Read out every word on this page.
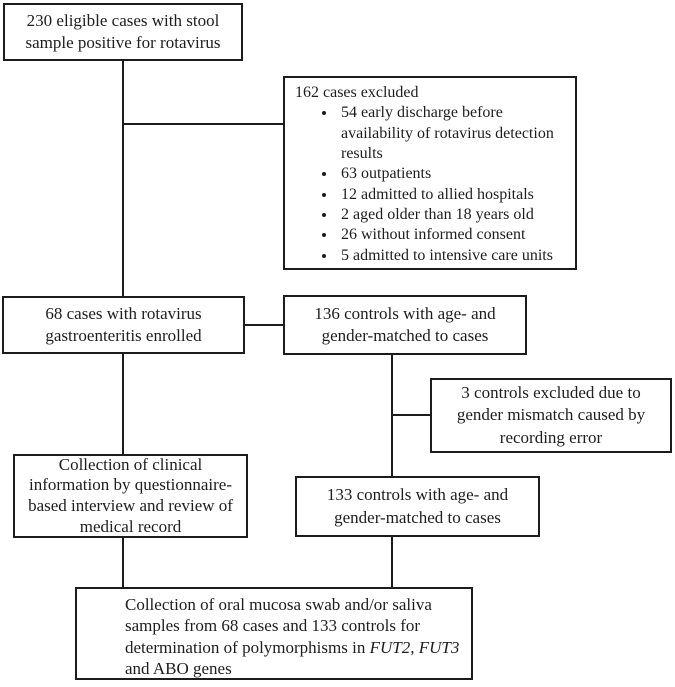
230 eligible cases with stool sample positive for rotavirus
162 cases excluded
• 54 early discharge before availability of rotavirus detection results
• 63 outpatients
• 12 admitted to allied hospitals
• 2 aged older than 18 years old
• 26 without informed consent
• 5 admitted to intensive care units
68 cases with rotavirus gastroenteritis enrolled
136 controls with age- and gender-matched to cases
3 controls excluded due to gender mismatch caused by recording error
Collection of clinical information by questionnaire-based interview and review of medical record
133 controls with age- and gender-matched to cases
Collection of oral mucosa swab and/or saliva samples from 68 cases and 133 controls for determination of polymorphisms in FUT2, FUT3 and ABO genes
